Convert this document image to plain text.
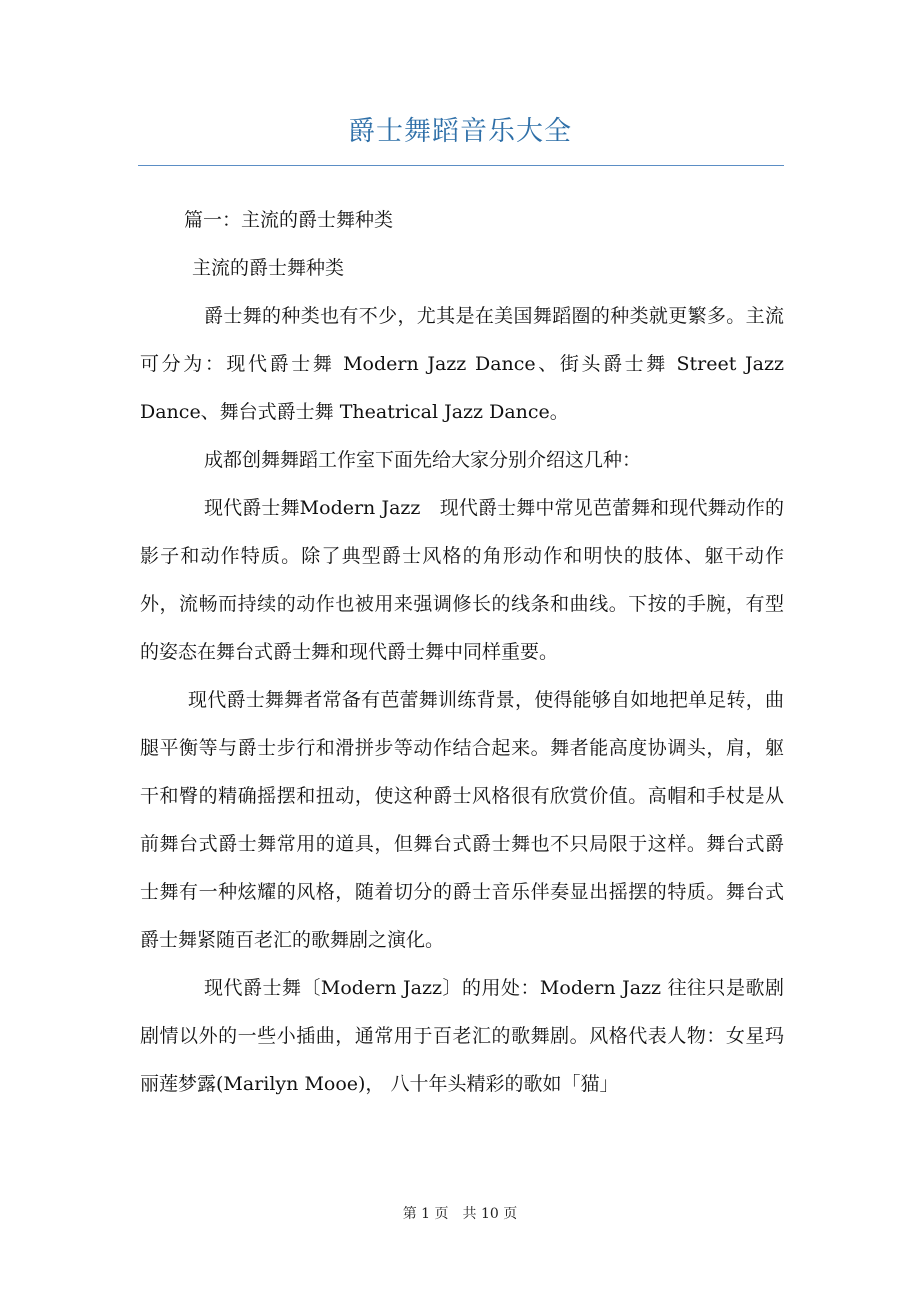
爵士舞蹈音乐大全

篇一：主流的爵士舞种类

主流的爵士舞种类

爵士舞的种类也有不少，尤其是在美国舞蹈圈的种类就更繁多。主流可分为：现代爵士舞 Modern Jazz Dance、街头爵士舞 Street Jazz Dance、舞台式爵士舞 Theatrical Jazz Dance。

成都创舞舞蹈工作室下面先给大家分别介绍这几种：

现代爵士舞Modern Jazz　现代爵士舞中常见芭蕾舞和现代舞动作的影子和动作特质。除了典型爵士风格的角形动作和明快的肢体、躯干动作外，流畅而持续的动作也被用来强调修长的线条和曲线。下按的手腕，有型的姿态在舞台式爵士舞和现代爵士舞中同样重要。

现代爵士舞舞者常备有芭蕾舞训练背景，使得能够自如地把单足转，曲腿平衡等与爵士步行和滑拼步等动作结合起来。舞者能高度协调头，肩，躯干和臀的精确摇摆和扭动，使这种爵士风格很有欣赏价值。高帽和手杖是从前舞台式爵士舞常用的道具，但舞台式爵士舞也不只局限于这样。舞台式爵士舞有一种炫耀的风格，随着切分的爵士音乐伴奏显出摇摆的特质。舞台式爵士舞紧随百老汇的歌舞剧之演化。

现代爵士舞〔Modern Jazz〕的用处：Modern Jazz 往往只是歌剧剧情以外的一些小插曲，通常用于百老汇的歌舞剧。风格代表人物：女星玛丽莲梦露(Marilyn Mooe)， 八十年头精彩的歌如「猫」

第 1 页　共 10 页
